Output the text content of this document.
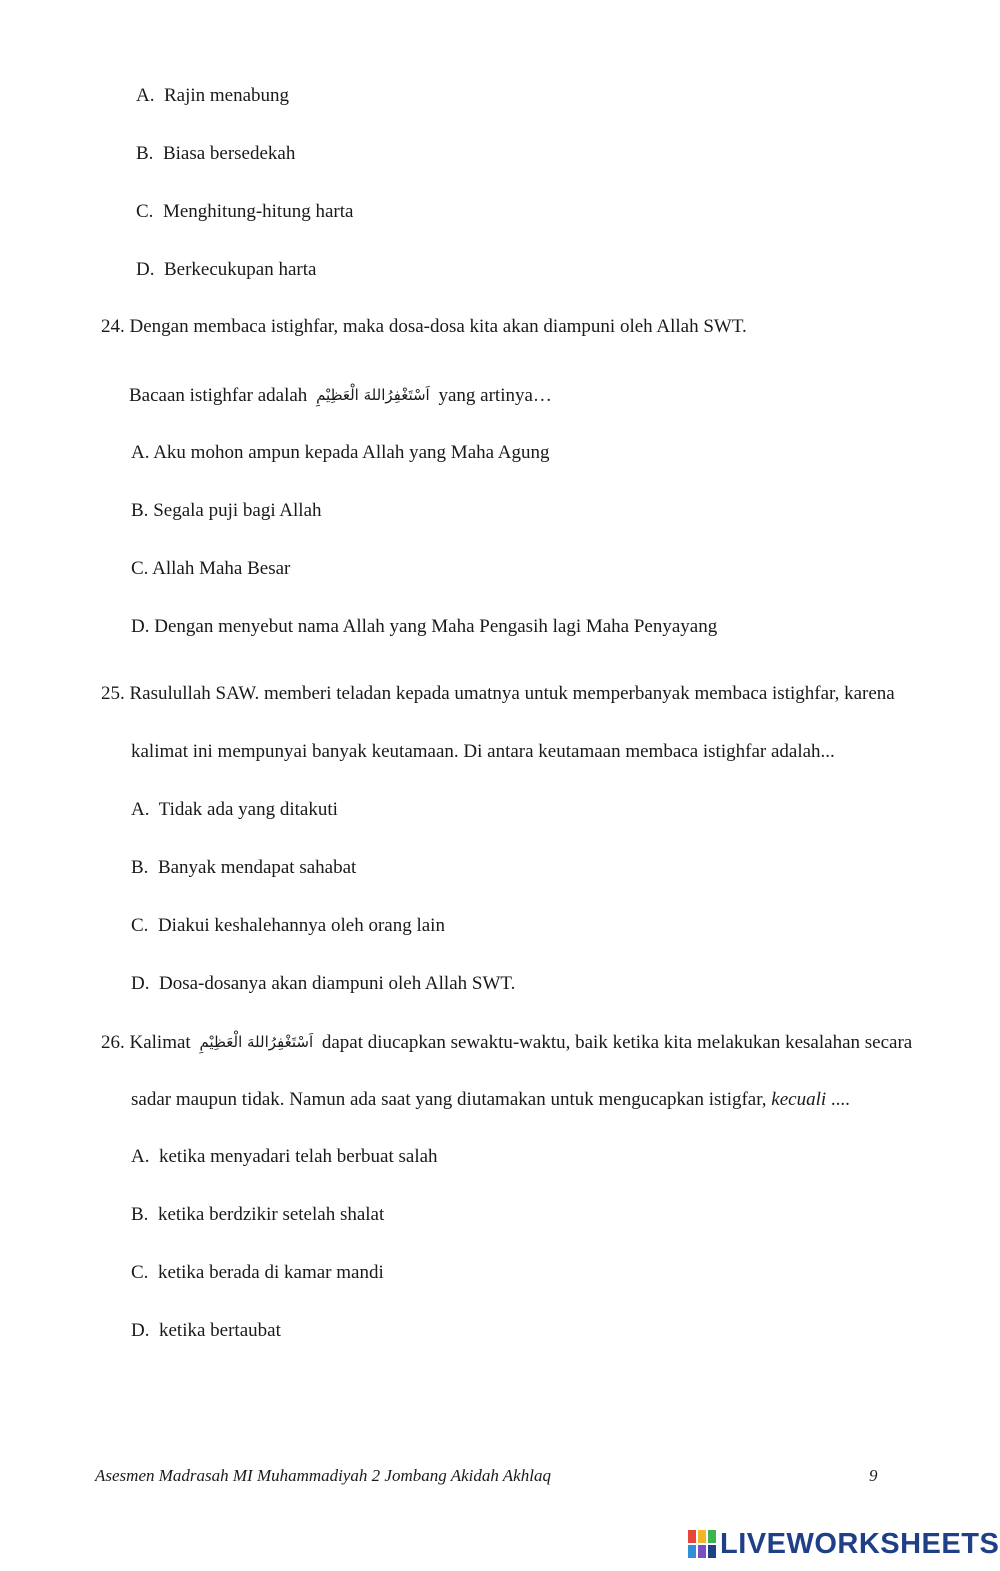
A. Rajin menabung
B. Biasa bersedekah
C. Menghitung-hitung harta
D. Berkecukupan harta
24. Dengan membaca istighfar, maka dosa-dosa kita akan diampuni oleh Allah SWT.
Bacaan istighfar adalah اَسْتَغْفِرُاللهَ الْعَظِيْمِ yang artinya…
A. Aku mohon ampun kepada Allah yang Maha Agung
B. Segala puji bagi Allah
C. Allah Maha Besar
D. Dengan menyebut nama Allah yang Maha Pengasih lagi Maha Penyayang
25. Rasulullah SAW. memberi teladan kepada umatnya untuk memperbanyak membaca istighfar, karena
kalimat ini mempunyai banyak keutamaan. Di antara keutamaan membaca istighfar adalah...
A. Tidak ada yang ditakuti
B. Banyak mendapat sahabat
C. Diakui keshalehannya oleh orang lain
D. Dosa-dosanya akan diampuni oleh Allah SWT.
26. Kalimat اَسْتَغْفِرُاللهَ الْعَظِيْمِ dapat diucapkan sewaktu-waktu, baik ketika kita melakukan kesalahan secara
sadar maupun tidak. Namun ada saat yang diutamakan untuk mengucapkan istigfar, kecuali ....
A. ketika menyadari telah berbuat salah
B. ketika berdzikir setelah shalat
C. ketika berada di kamar mandi
D. ketika bertaubat
Asesmen Madrasah MI Muhammadiyah 2 Jombang Akidah Akhlaq	9
LIVEWORKSHEETS
